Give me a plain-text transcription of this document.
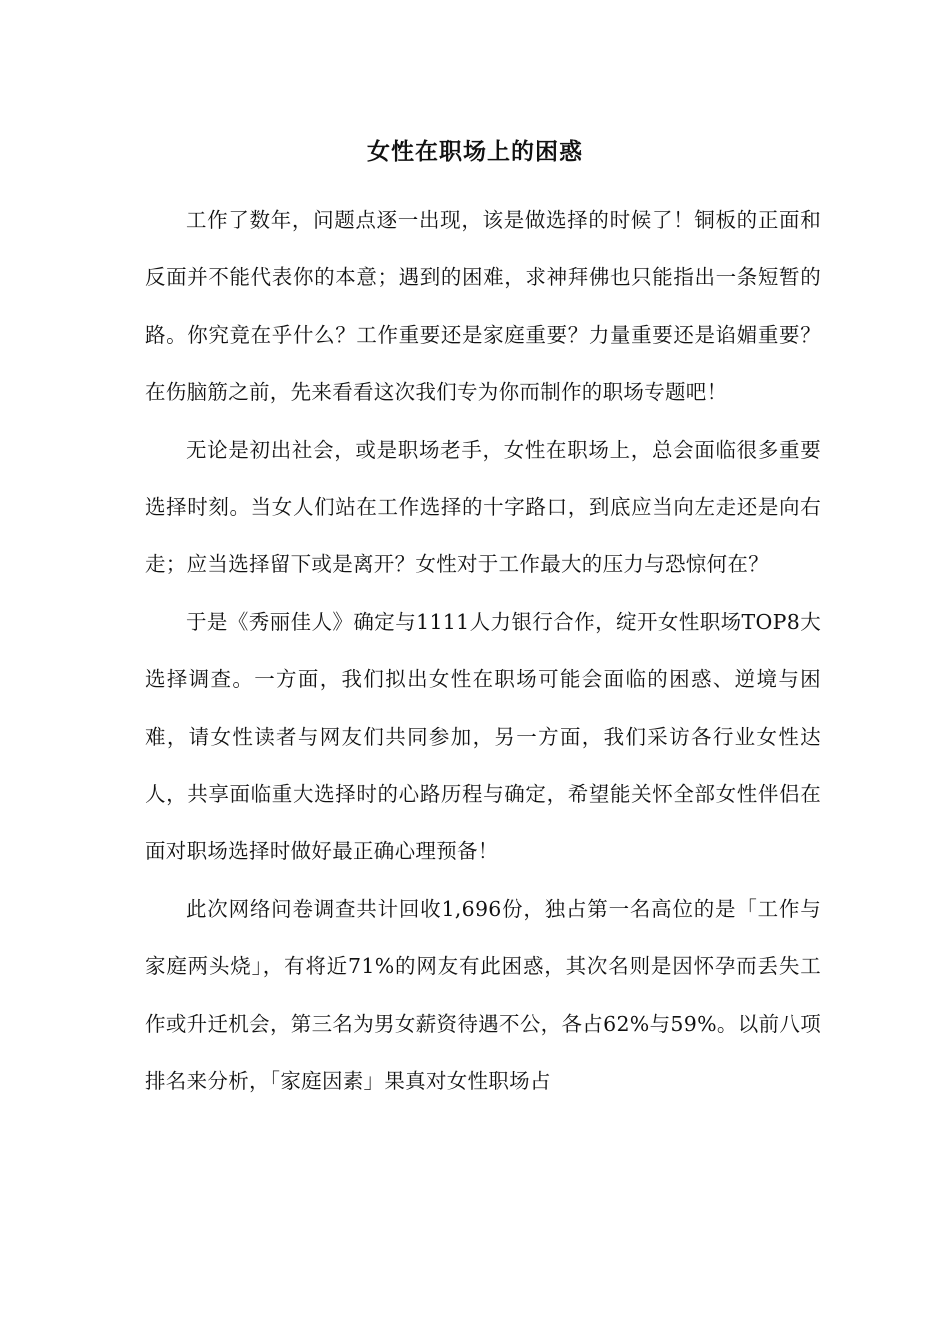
女性在职场上的困惑

工作了数年，问题点逐一出现，该是做选择的时候了！铜板的正面和反面并不能代表你的本意；遇到的困难，求神拜佛也只能指出一条短暂的路。你究竟在乎什么？工作重要还是家庭重要？力量重要还是谄媚重要？在伤脑筋之前，先来看看这次我们专为你而制作的职场专题吧！

无论是初出社会，或是职场老手，女性在职场上，总会面临很多重要选择时刻。当女人们站在工作选择的十字路口，到底应当向左走还是向右走；应当选择留下或是离开？女性对于工作最大的压力与恐惊何在？

于是《秀丽佳人》确定与1111人力银行合作，绽开女性职场TOP8大选择调查。一方面，我们拟出女性在职场可能会面临的困惑、逆境与困难，请女性读者与网友们共同参加，另一方面，我们采访各行业女性达人，共享面临重大选择时的心路历程与确定，希望能关怀全部女性伴侣在面对职场选择时做好最正确心理预备！

此次网络问卷调查共计回收1,696份，独占第一名高位的是「工作与家庭两头烧」，有将近71%的网友有此困惑，其次名则是因怀孕而丢失工作或升迁机会，第三名为男女薪资待遇不公，各占62%与59%。以前八项排名来分析，「家庭因素」果真对女性职场占
